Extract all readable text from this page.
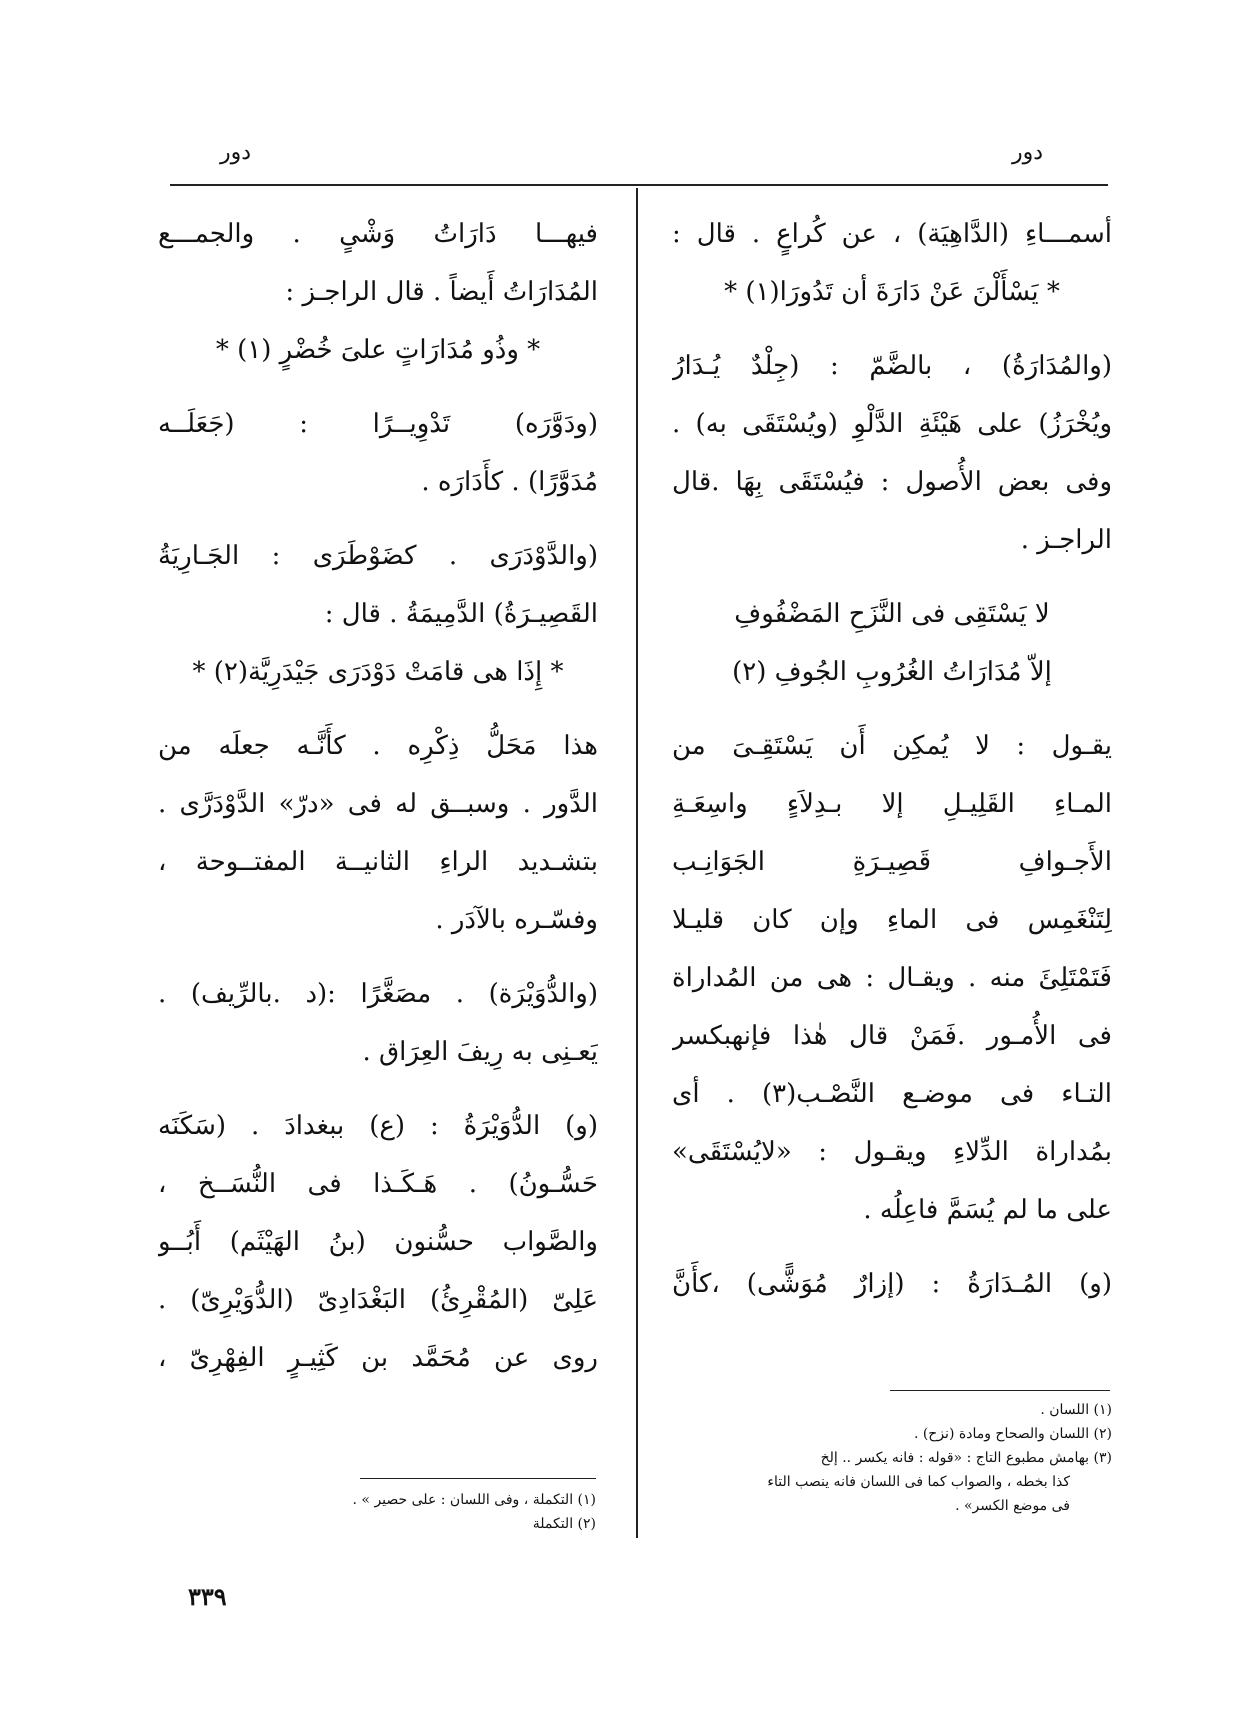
دور
دور
أسمـــاءِ (الدَّاهِيَة) ، عن كُراعٍ . قال :
* يَسْأَلْنَ عَنْ دَارَةَ أن تَدُورَا(١) *
(والمُدَارَةُ) ، بالضَّمّ : (جِلْدٌ يُـدَارُ
ويُخْرَزُ) على هَيْئَةِ الدَّلْوِ (ويُسْتَقَى به) .
وفى بعض الأُصول : فيُسْتَقَى بِهَا .قال
الراجـز .
لا يَسْتَقِى فى النَّزَحِ المَضْفُوفِ
إلاّ مُدَارَاتُ الغُرُوبِ الجُوفِ (٢)
يقـول : لا يُمكِن أَن يَسْتَقِـىَ من
المـاءِ القَلِيـلِ إلا بـدِلاَءٍ واسِعَـةِ
الأَجـوافِ قَصِيـرَةِ الجَوَانِـب
لِتَنْغَمِس فى الماءِ وإن كان قليـلا
فَتَمْتَلِئَ منه . ويقـال : هى من المُداراة
فى الأُمـور .فَمَنْ قال هٰذا فإنهبكسر
التـاء فى موضـع النَّصْـب(٣) . أى
بمُداراة الدِّلاءِ ويقـول : «لايُسْتَقَى»
على ما لم يُسَمَّ فاعِلُه .
(و) المُـدَارَةُ : (إزارٌ مُوَشًّى) ،كأَنَّ
فيهـــا دَارَاتُ وَشْىٍ . والجمـــع
المُدَارَاتُ أَيضاً . قال الراجـز :
* وذُو مُدَارَاتٍ علىَ خُضْرٍ (١) *
(ودَوَّرَه) تَدْوِيــرًا : (جَعَلَــه
مُدَوَّرًا) . كأَدَارَه .
(والدَّوْدَرَى . كضَوْطَرَى : الجَـارِيَةُ
القَصِيـرَةُ) الدَّمِيمَةُ . قال :
* إِذَا هى قامَتْ دَوْدَرَى جَيْدَرِيَّة(٢) *
هذا مَحَلُّ ذِكْرِه . كأَنَّـه جعلَه من
الدَّور . وسبــق له فى «درّ» الدَّوْدَرَّى .
بتشـديد الراءِ الثانيــة المفتــوحة ،
وفسّـره بالآدَر .
(والدُّوَيْرَة) . مصَغَّرًا :(د .بالرِّيف) .
يَعـنِى به رِيفَ العِرَاق .
(و) الدُّوَيْرَةُ : (ع) ببغدادَ . (سَكَنَه
حَسُّـونُ) . هَـكَـذا فى النُّسَــخ ،
والصَّواب حسُّنون (بنُ الهَيْثَم) أَبُــو
عَلِىّ (المُقْرِئُ) البَغْدَادِىّ (الدُّوَيْرِىّ) .
روى عن مُحَمَّد بن كَثِيـرٍ الفِهْرِىّ ،
(١) اللسان .
(٢) اللسان والصحاح ومادة (نزح) .
(٣) بهامش مطبوع التاج : «قوله : فانه يكسر .. إلخ
كذا بخطه ، والصواب كما فى اللسان فانه ينصب التاء
فى موضع الكسر» .
(١) التكملة ، وفى اللسان : على حصير » .
(٢) التكملة
٣٣٩
